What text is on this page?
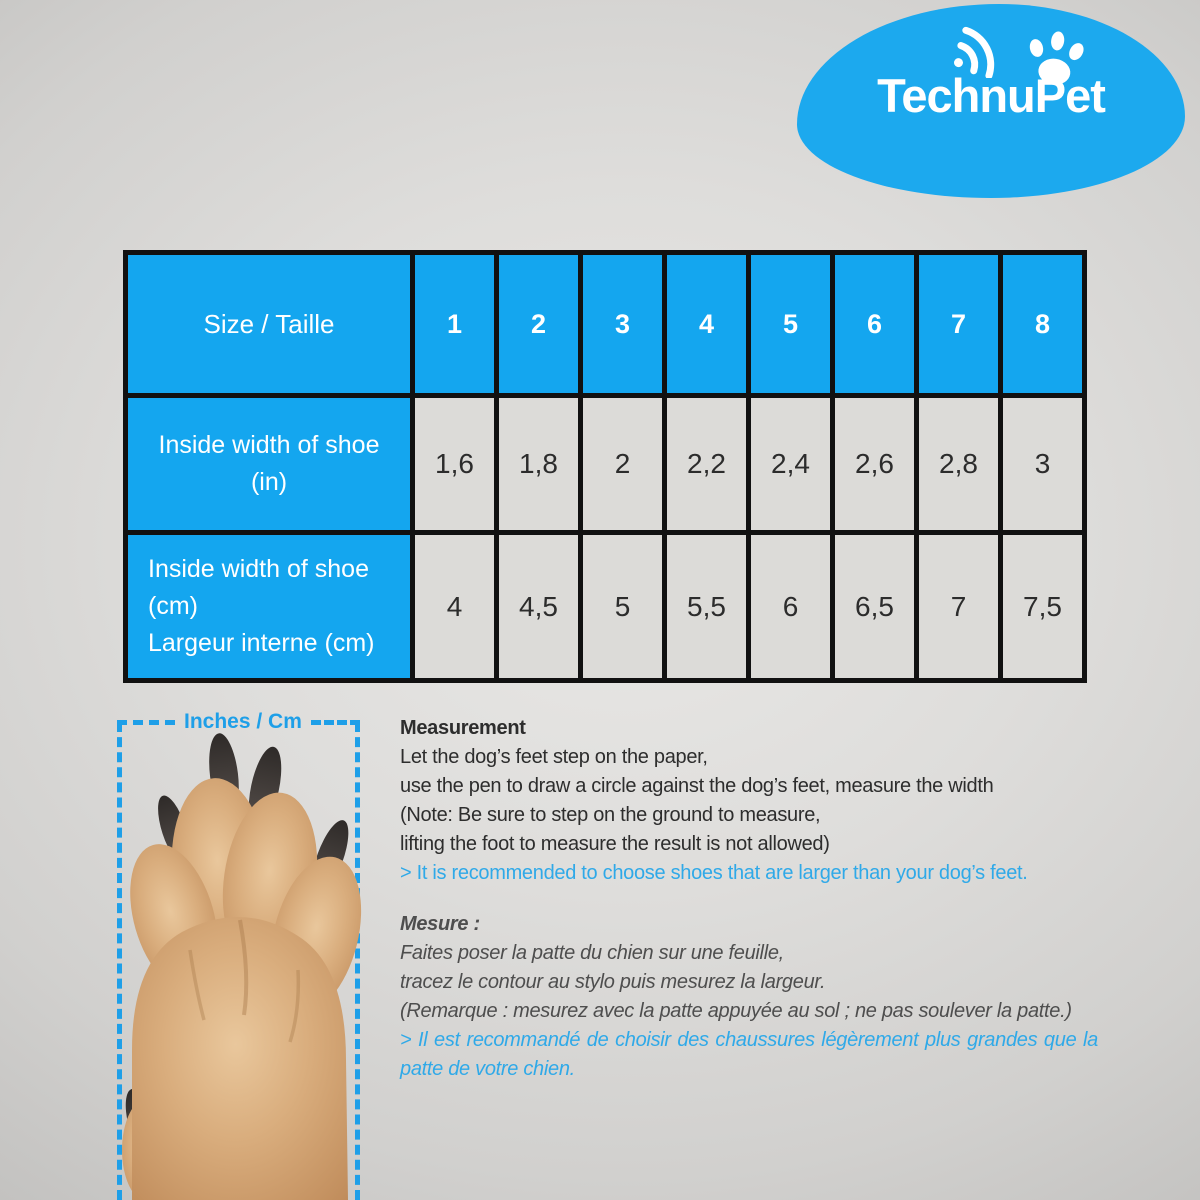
TechnuPet
Size / Taille	1	2	3	4	5	6	7	8

Inside width of shoe
(in)	1,6	1,8	2	2,2	2,4	2,6	2,8	3

Inside width of shoe
(cm)
Largeur interne (cm)	4	4,5	5	5,5	6	6,5	7	7,5
Inches / Cm	Measurement
Let the dog’s feet step on the paper,
use the pen to draw a circle against the dog’s feet, measure the width
(Note: Be sure to step on the ground to measure,
lifting the foot to measure the result is not allowed)
> It is recommended to choose shoes that are larger than your dog’s feet.
Mesure :
Faites poser la patte du chien sur une feuille,
tracez le contour au stylo puis mesurez la largeur.
(Remarque : mesurez avec la patte appuyée au sol ; ne pas soulever la patte.)
> Il est recommandé de choisir des chaussures légèrement plus grandes que la patte de votre chien.
